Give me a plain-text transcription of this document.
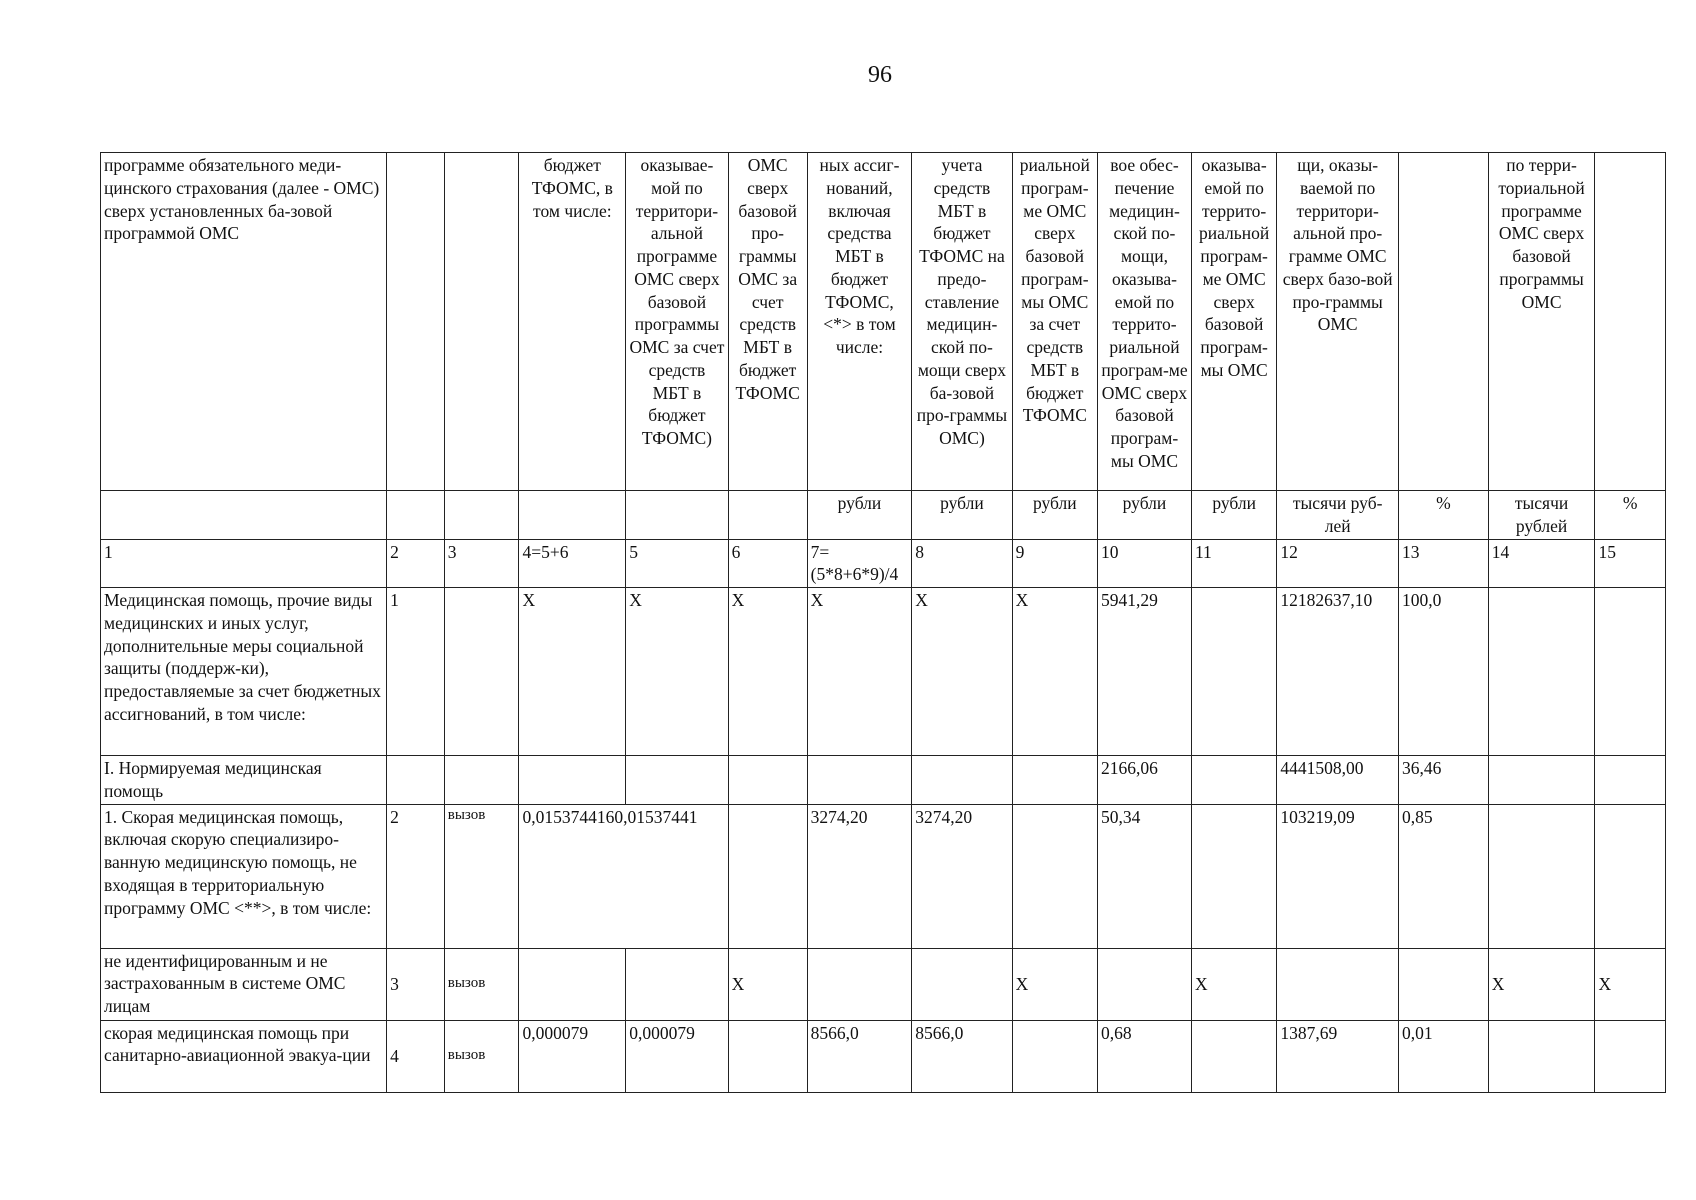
96
программе обязательного меди-цинского страхования (далее - ОМС) сверх установленных ба-зовой программой ОМС			бюджет ТФОМС, в том числе:	оказывае-мой по территори-альной программе ОМС сверх базовой программы ОМС за счет средств МБТ в бюджет ТФОМС)	ОМС сверх базовой про-граммы ОМС за счет средств МБТ в бюджет ТФОМС	ных ассиг-нований, включая средства МБТ в бюджет ТФОМС, <*> в том числе:	учета средств МБТ в бюджет ТФОМС на предо-ставление медицин-ской по-мощи сверх ба-зовой про-граммы ОМС)	риальной програм-ме ОМС сверх базовой програм-мы ОМС за счет средств МБТ в бюджет ТФОМС	вое обес-печение медицин-ской по-мощи, оказыва-емой по террито-риальной програм-ме ОМС сверх базовой програм-мы ОМС	оказыва-емой по террито-риальной програм-ме ОМС сверх базовой програм-мы ОМС	щи, оказы-ваемой по территори-альной про-грамме ОМС сверх базо-вой про-граммы ОМС		по терри-ториальной программе ОМС сверх базовой программы ОМС	
						рубли	рубли	рубли	рубли	рубли	тысячи руб-лей	%	тысячи рублей	%
1	2	3	4=5+6	5	6	7=(5*8+6*9)/4	8	9	10	11	12	13	14	15
Медицинская помощь, прочие виды медицинских и иных услуг, дополнительные меры социальной защиты (поддерж-ки), предоставляемые за счет бюджетных ассигнований, в том числе:	1		X	X	X	X	X	X	5941,29		12182637,10	100,0		
I. Нормируемая медицинская помощь									2166,06		4441508,00	36,46		
1. Скорая медицинская помощь, включая скорую специализиро-ванную медицинскую помощь, не входящая в территориальную программу ОМС <**>, в том числе:	2	вызов	0,0153744160,01537441			3274,20	3274,20		50,34		103219,09	0,85		
не идентифицированным и не застрахованным в системе ОМС лицам	3	вызов			X			X		X			X	X
скорая медицинская помощь при санитарно-авиационной эвакуа-ции	4	вызов	0,000079	0,000079		8566,0	8566,0		0,68		1387,69	0,01		
